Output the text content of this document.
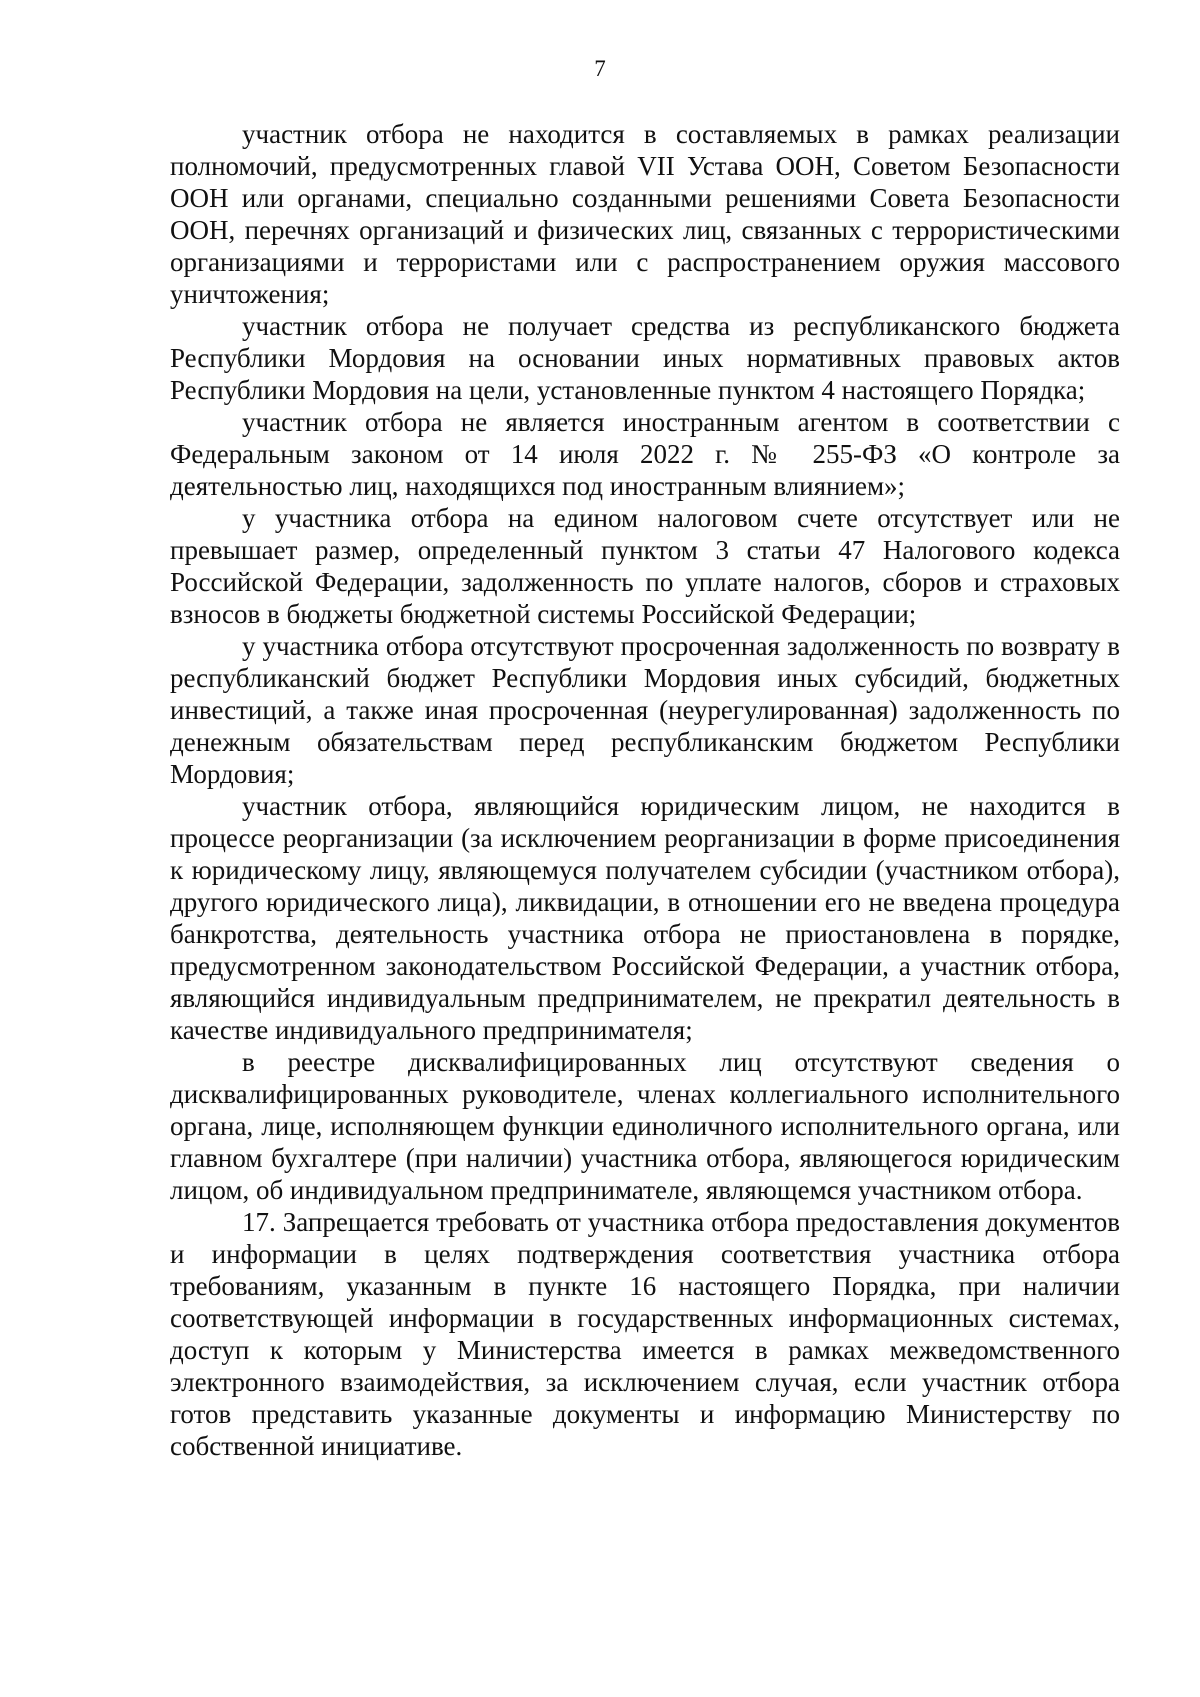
7

участник отбора не находится в составляемых в рамках реализации полномочий, предусмотренных главой VII Устава ООН, Советом Безопасности ООН или органами, специально созданными решениями Совета Безопасности ООН, перечнях организаций и физических лиц, связанных с террористическими организациями и террористами или с распространением оружия массового уничтожения;

участник отбора не получает средства из республиканского бюджета Республики Мордовия на основании иных нормативных правовых актов Республики Мордовия на цели, установленные пунктом 4 настоящего Порядка;

участник отбора не является иностранным агентом в соответствии с Федеральным законом от 14 июля 2022 г. № 255-ФЗ «О контроле за деятельностью лиц, находящихся под иностранным влиянием»;

у участника отбора на едином налоговом счете отсутствует или не превышает размер, определенный пунктом 3 статьи 47 Налогового кодекса Российской Федерации, задолженность по уплате налогов, сборов и страховых взносов в бюджеты бюджетной системы Российской Федерации;

у участника отбора отсутствуют просроченная задолженность по возврату в республиканский бюджет Республики Мордовия иных субсидий, бюджетных инвестиций, а также иная просроченная (неурегулированная) задолженность по денежным обязательствам перед республиканским бюджетом Республики Мордовия;

участник отбора, являющийся юридическим лицом, не находится в процессе реорганизации (за исключением реорганизации в форме присоединения к юридическому лицу, являющемуся получателем субсидии (участником отбора), другого юридического лица), ликвидации, в отношении его не введена процедура банкротства, деятельность участника отбора не приостановлена в порядке, предусмотренном законодательством Российской Федерации, а участник отбора, являющийся индивидуальным предпринимателем, не прекратил деятельность в качестве индивидуального предпринимателя;

в реестре дисквалифицированных лиц отсутствуют сведения о дисквалифицированных руководителе, членах коллегиального исполнительного органа, лице, исполняющем функции единоличного исполнительного органа, или главном бухгалтере (при наличии) участника отбора, являющегося юридическим лицом, об индивидуальном предпринимателе, являющемся участником отбора.

17. Запрещается требовать от участника отбора предоставления документов и информации в целях подтверждения соответствия участника отбора требованиям, указанным в пункте 16 настоящего Порядка, при наличии соответствующей информации в государственных информационных системах, доступ к которым у Министерства имеется в рамках межведомственного электронного взаимодействия, за исключением случая, если участник отбора готов представить указанные документы и информацию Министерству по собственной инициативе.
